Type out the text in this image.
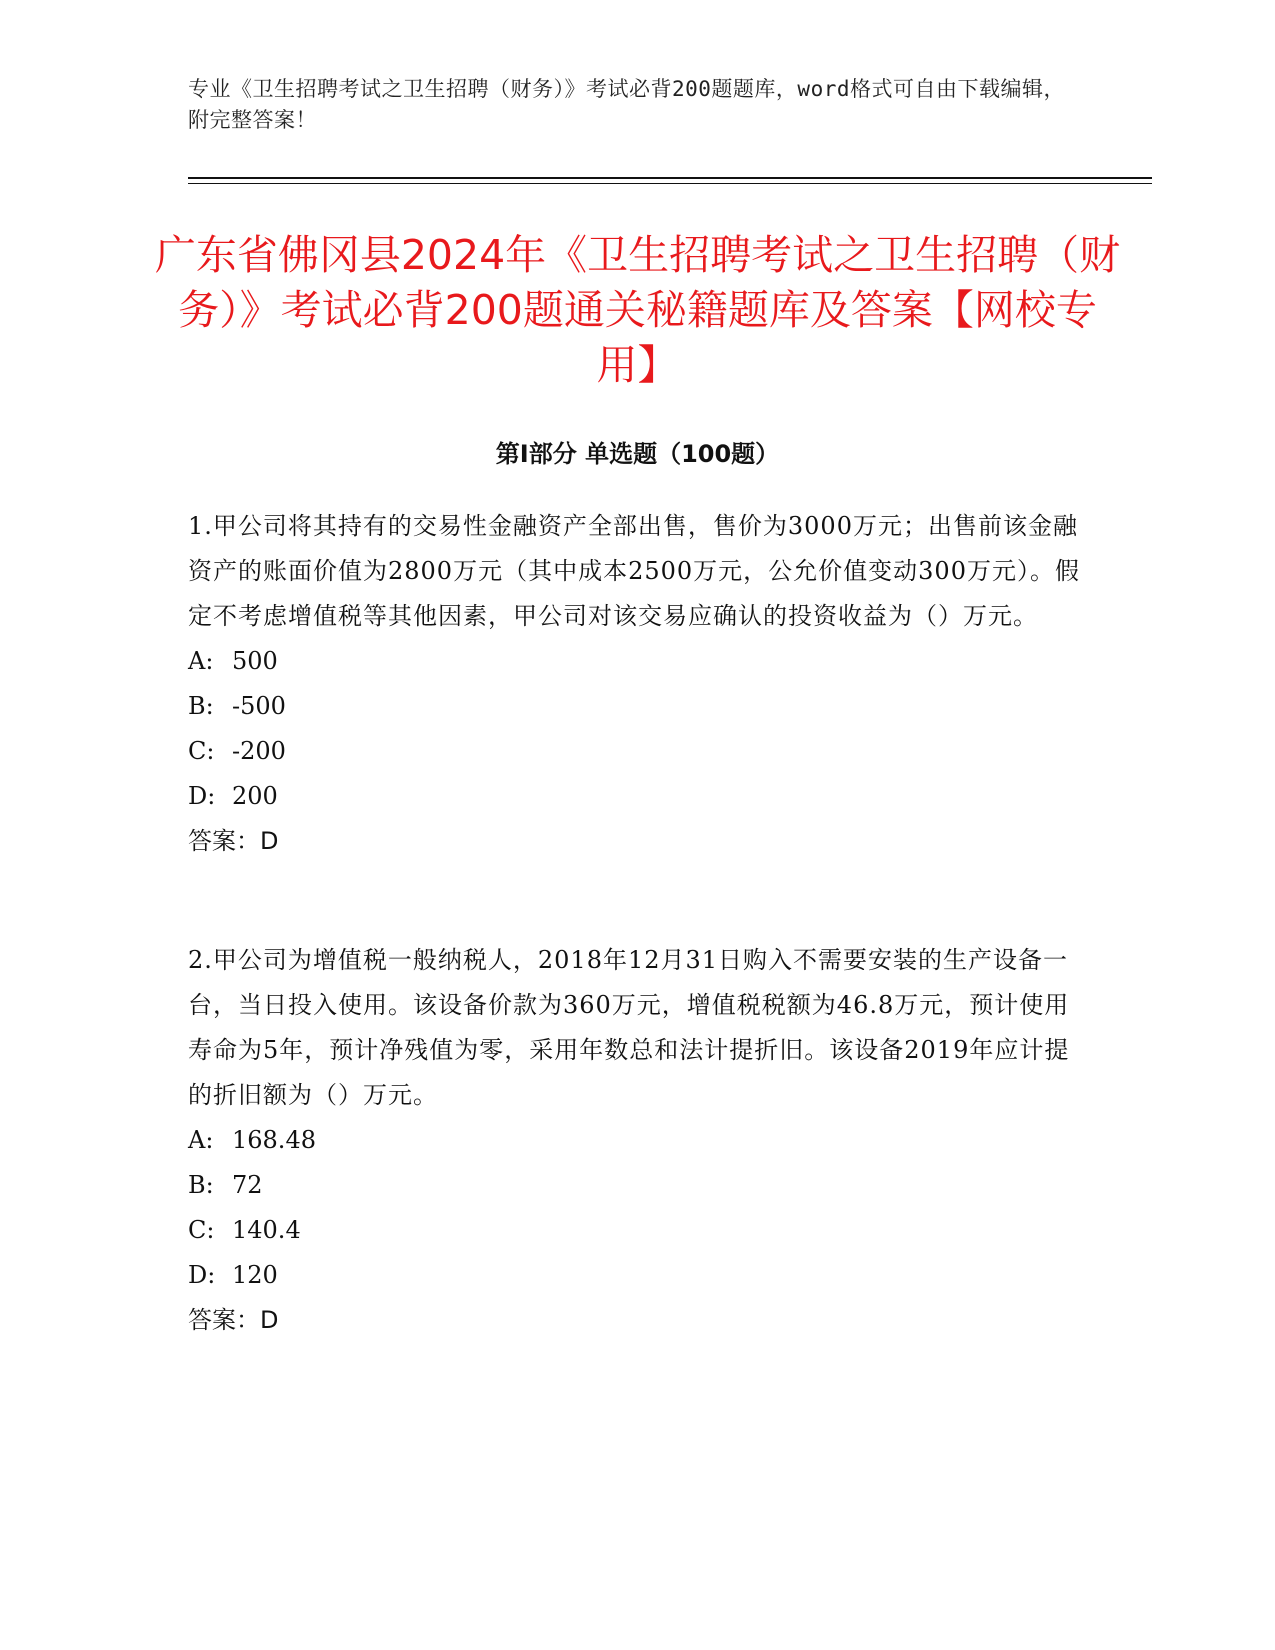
专业《卫生招聘考试之卫生招聘（财务）》考试必背200题题库，word格式可自由下载编辑，附完整答案！
广东省佛冈县2024年《卫生招聘考试之卫生招聘（财务）》考试必背200题通关秘籍题库及答案【网校专用】
第I部分 单选题（100题）

1.甲公司将其持有的交易性金融资产全部出售，售价为3000万元；出售前该金融资产的账面价值为2800万元（其中成本2500万元，公允价值变动300万元）。假定不考虑增值税等其他因素，甲公司对该交易应确认的投资收益为（）万元。

A: 500

B: -500

C: -200

D: 200

答案：D

2.甲公司为增值税一般纳税人，2018年12月31日购入不需要安装的生产设备一台，当日投入使用。该设备价款为360万元，增值税税额为46.8万元，预计使用寿命为5年，预计净残值为零，采用年数总和法计提折旧。该设备2019年应计提的折旧额为（）万元。

A: 168.48

B: 72

C: 140.4

D: 120

答案：D
